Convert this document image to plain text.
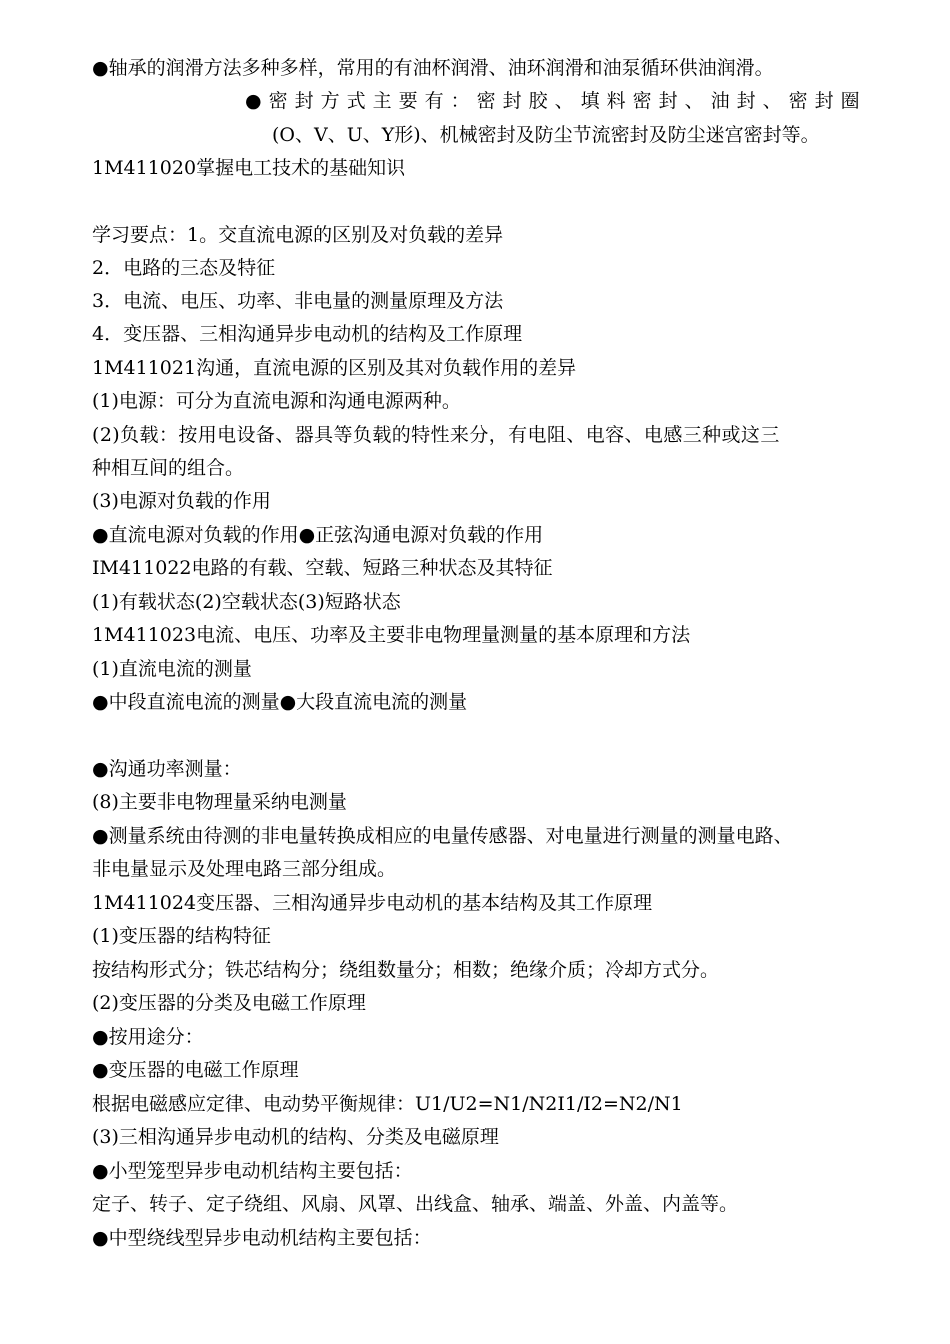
●轴承的润滑方法多种多样，常用的有油杯润滑、油环润滑和油泵循环供油润滑。
●密封方式主要有：密封胶、填料密封、油封、密封圈
(O、V、U、Y形)、机械密封及防尘节流密封及防尘迷宫密封等。
1M411020掌握电工技术的基础知识
学习要点：1。交直流电源的区别及对负载的差异
2．电路的三态及特征
3．电流、电压、功率、非电量的测量原理及方法
4．变压器、三相沟通异步电动机的结构及工作原理
1M411021沟通，直流电源的区别及其对负载作用的差异
(1)电源：可分为直流电源和沟通电源两种。
(2)负载：按用电设备、器具等负载的特性来分，有电阻、电容、电感三种或这三
种相互间的组合。
(3)电源对负载的作用
●直流电源对负载的作用●正弦沟通电源对负载的作用
IM411022电路的有载、空载、短路三种状态及其特征
(1)有载状态(2)空载状态(3)短路状态
1M411023电流、电压、功率及主要非电物理量测量的基本原理和方法
(1)直流电流的测量
●中段直流电流的测量●大段直流电流的测量
●沟通功率测量：
(8)主要非电物理量采纳电测量
●测量系统由待测的非电量转换成相应的电量传感器、对电量进行测量的测量电路、
非电量显示及处理电路三部分组成。
1M411024变压器、三相沟通异步电动机的基本结构及其工作原理
(1)变压器的结构特征
按结构形式分；铁芯结构分；绕组数量分；相数；绝缘介质；冷却方式分。
(2)变压器的分类及电磁工作原理
●按用途分：
●变压器的电磁工作原理
根据电磁感应定律、电动势平衡规律：U1/U2=N1/N2I1/I2=N2/N1
(3)三相沟通异步电动机的结构、分类及电磁原理
●小型笼型异步电动机结构主要包括：
定子、转子、定子绕组、风扇、风罩、出线盒、轴承、端盖、外盖、内盖等。
●中型绕线型异步电动机结构主要包括：
